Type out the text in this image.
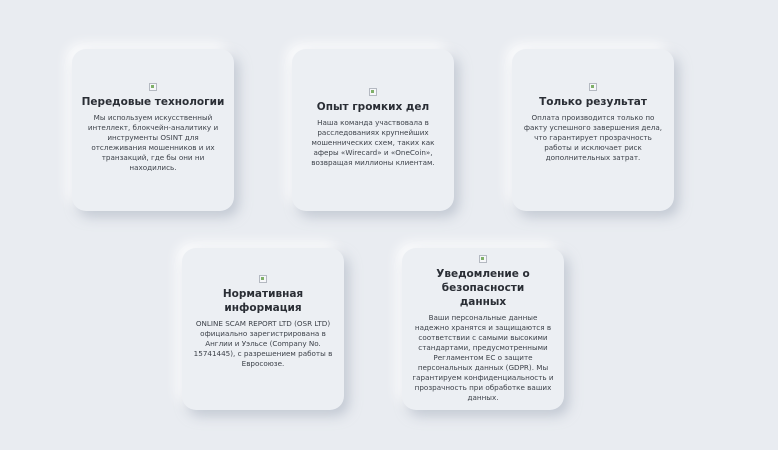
Передовые технологии

Мы используем искусственный интеллект, блокчейн-аналитику и инструменты OSINT для отслеживания мошенников и их транзакций, где бы они ни находились.

Опыт громких дел

Наша команда участвовала в расследованиях крупнейших мошеннических схем, таких как аферы «Wirecard» и «OneCoin», возвращая миллионы клиентам.

Только результат

Оплата производится только по факту успешного завершения дела, что гарантирует прозрачность работы и исключает риск дополнительных затрат.

Нормативная информация

ONLINE SCAM REPORT LTD (OSR LTD) официально зарегистрирована в Англии и Уэльсе (Company No. 15741445), с разрешением работы в Евросоюзе.

Уведомление о безопасности данных

Ваши персональные данные надежно хранятся и защищаются в соответствии с самыми высокими стандартами, предусмотренными Регламентом ЕС о защите персональных данных (GDPR). Мы гарантируем конфиденциальность и прозрачность при обработке ваших данных.
